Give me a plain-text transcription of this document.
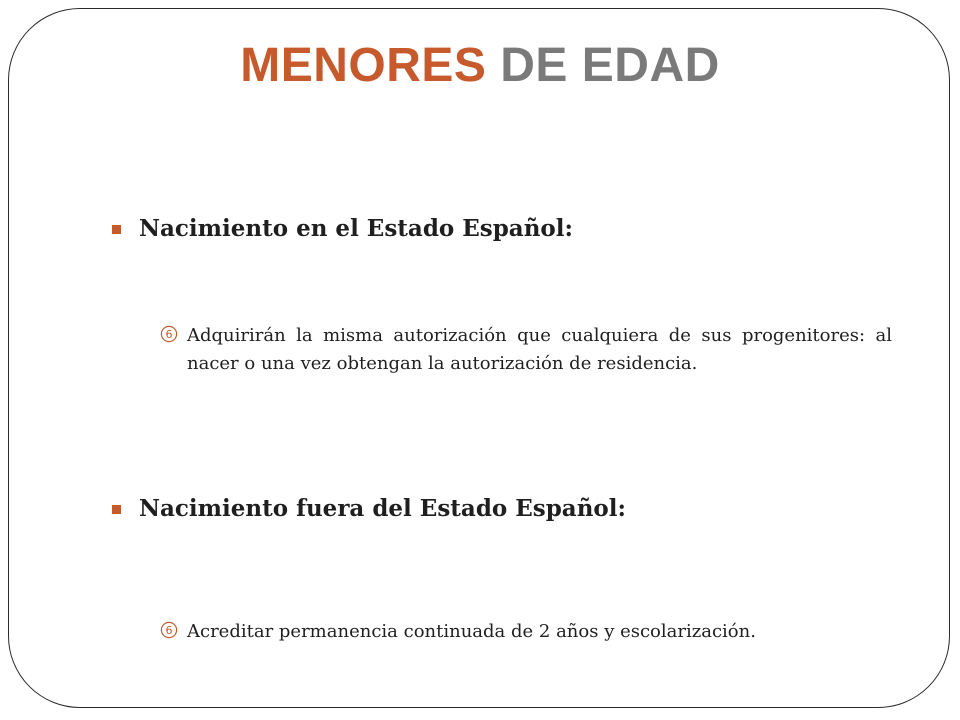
MENORES DE EDAD
Nacimiento en el Estado Español:
6 Adquirirán la misma autorización que cualquiera de sus progenitores: al nacer o una vez obtengan la autorización de residencia.
Nacimiento fuera del Estado Español:
6 Acreditar permanencia continuada de 2 años y escolarización.
